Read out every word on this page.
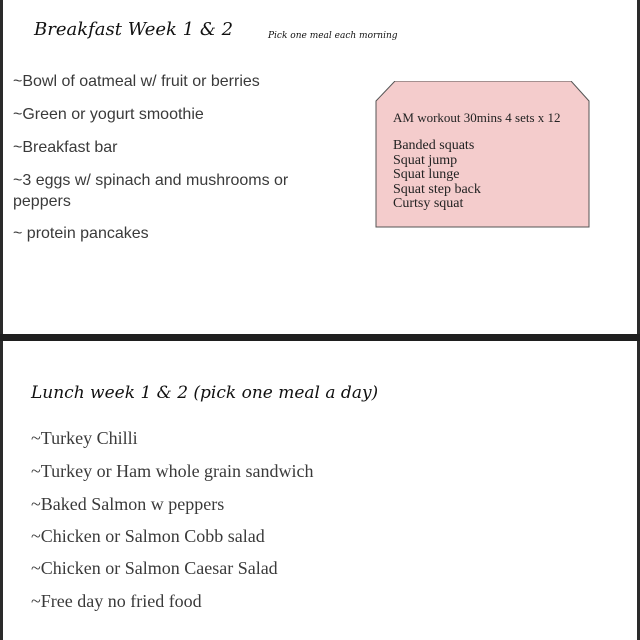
Breakfast Week 1 & 2	Pick one meal each morning
~Bowl of oatmeal w/ fruit or berries
~Green or yogurt smoothie
~Breakfast bar
~3 eggs w/ spinach and mushrooms or
peppers
~ protein pancakes
AM workout 30mins 4 sets x 12
Banded squats
Squat jump
Squat lunge
Squat step back
Curtsy squat
Lunch week 1 & 2 (pick one meal a day)
~Turkey Chilli
~Turkey or Ham whole grain sandwich
~Baked Salmon w peppers
~Chicken or Salmon Cobb salad
~Chicken or Salmon Caesar Salad
~Free day no fried food
